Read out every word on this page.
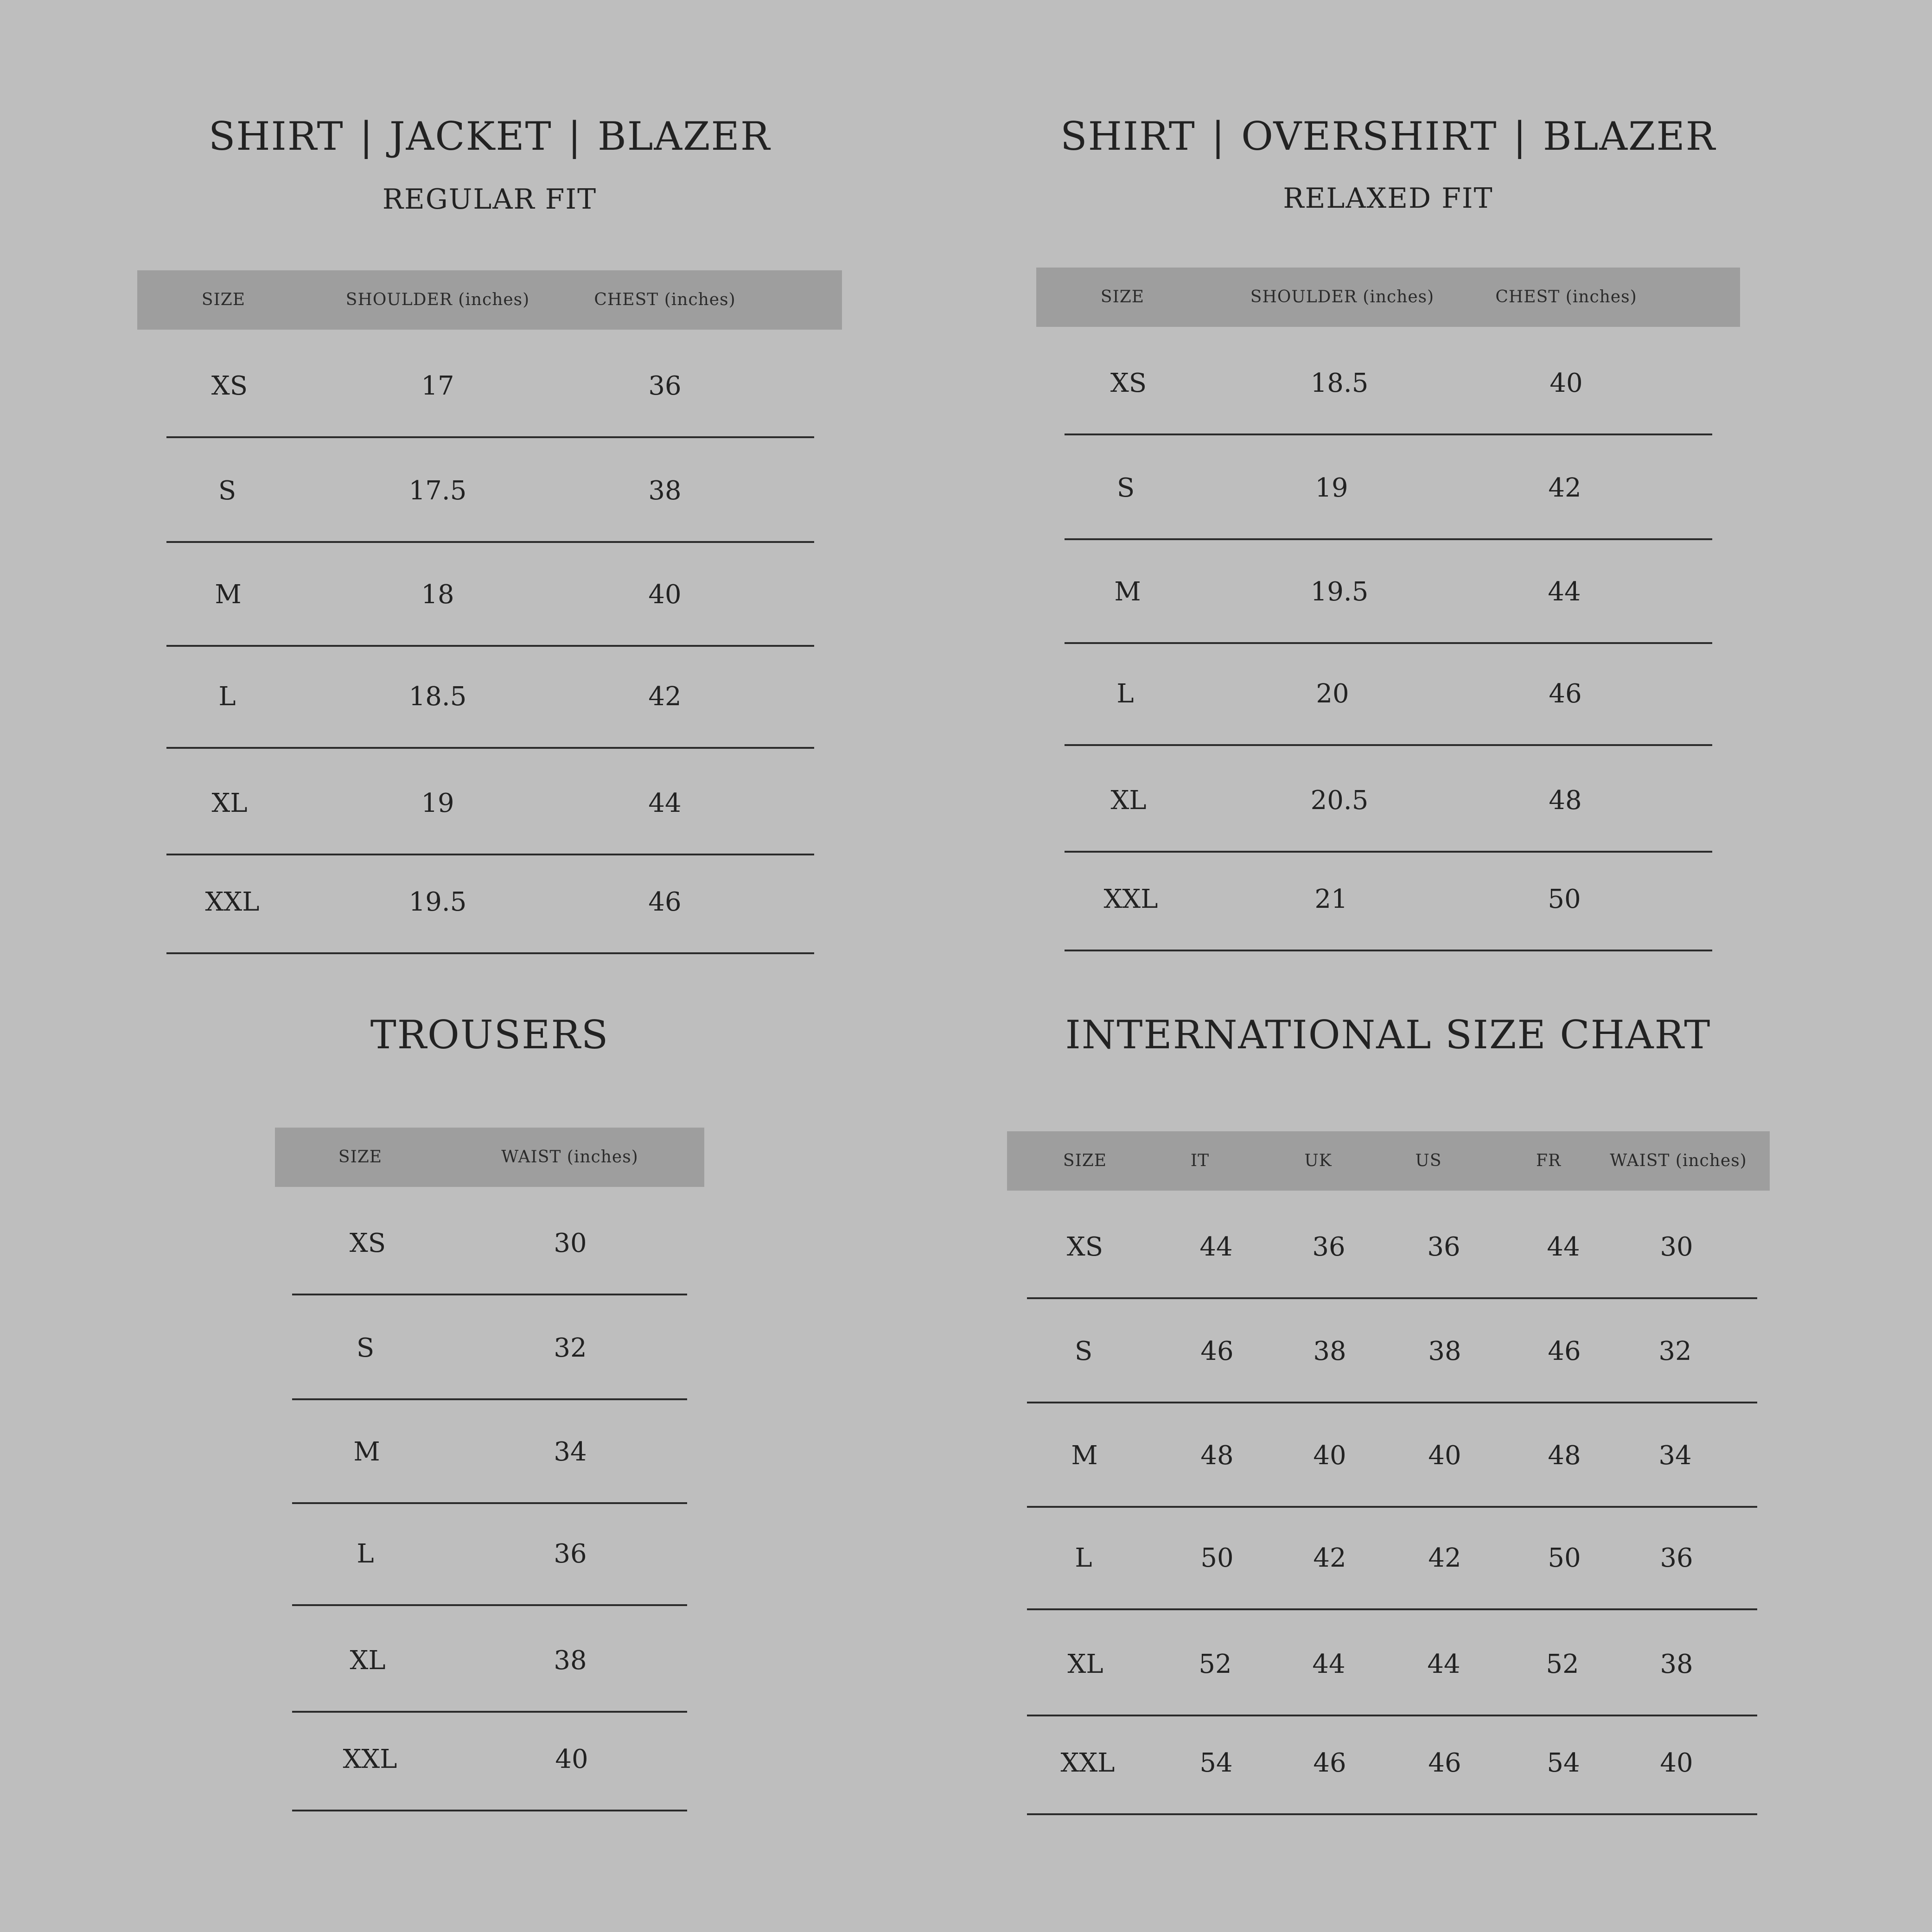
SHIRT | JACKET | BLAZER
REGULAR FIT
SIZE	SHOULDER (inches)	CHEST (inches)
XS	17	36
S	17.5	38
M	18	40
L	18.5	42
XL	19	44
XXL	19.5	46
SHIRT | OVERSHIRT | BLAZER
RELAXED FIT
SIZE	SHOULDER (inches)	CHEST (inches)
XS	18.5	40
S	19	42
M	19.5	44
L	20	46
XL	20.5	48
XXL	21	50
TROUSERS
SIZE	WAIST (inches)
XS	30
S	32
M	34
L	36
XL	38
XXL	40
INTERNATIONAL SIZE CHART
SIZE	IT	UK	US	FR	WAIST (inches)
XS	44	36	36	44	30
S	46	38	38	46	32
M	48	40	40	48	34
L	50	42	42	50	36
XL	52	44	44	52	38
XXL	54	46	46	54	40
